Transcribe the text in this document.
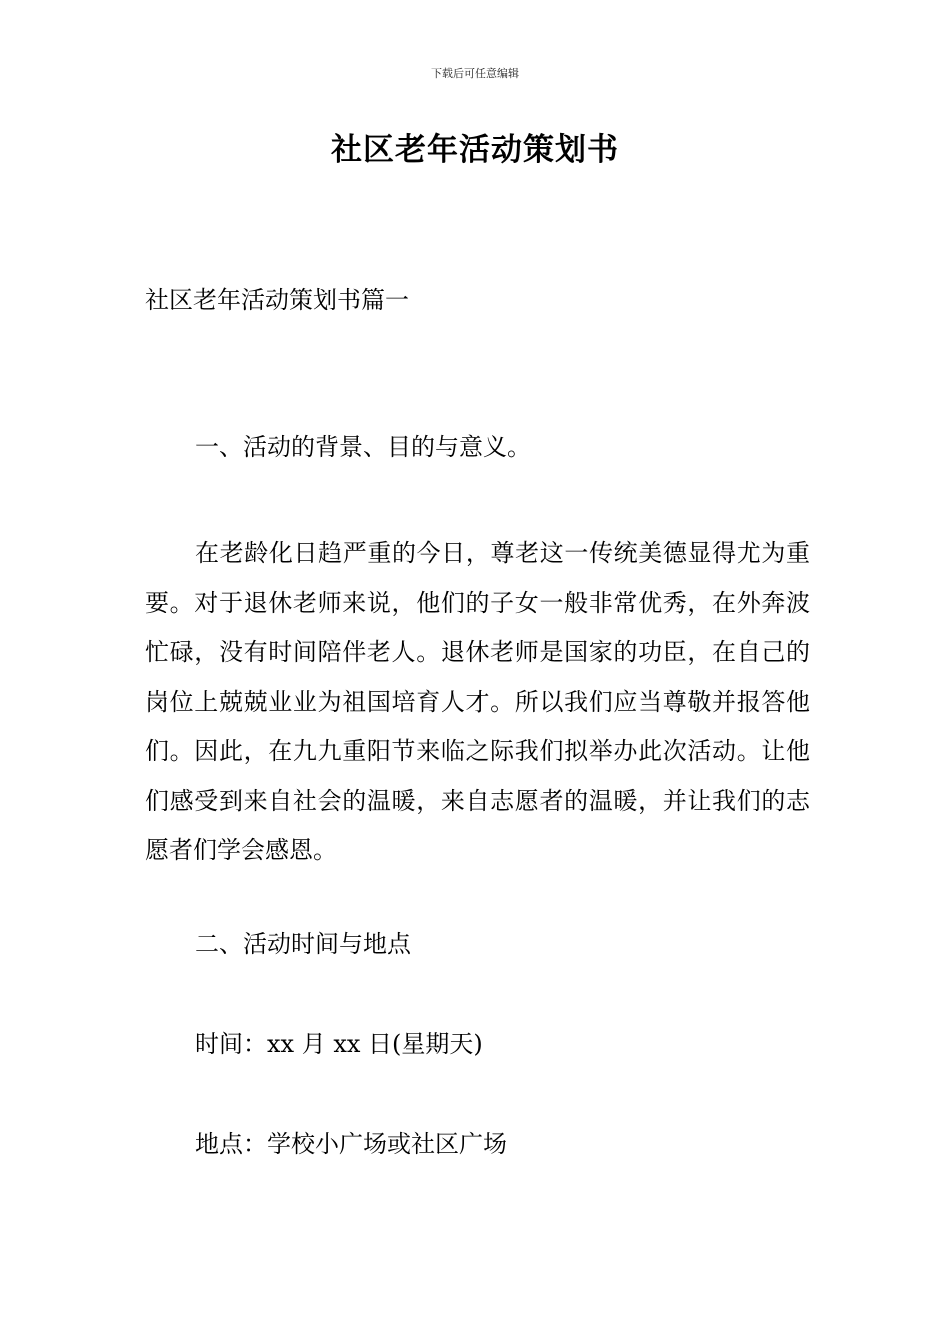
下载后可任意编辑
社区老年活动策划书
社区老年活动策划书篇一
一、活动的背景、目的与意义。

在老龄化日趋严重的今日，尊老这一传统美德显得尤为重要。对于退休老师来说，他们的子女一般非常优秀，在外奔波忙碌，没有时间陪伴老人。退休老师是国家的功臣，在自己的岗位上兢兢业业为祖国培育人才。所以我们应当尊敬并报答他们。因此，在九九重阳节来临之际我们拟举办此次活动。让他们感受到来自社会的温暖，来自志愿者的温暖，并让我们的志愿者们学会感恩。

二、活动时间与地点

时间：xx 月 xx 日(星期天)

地点：学校小广场或社区广场
